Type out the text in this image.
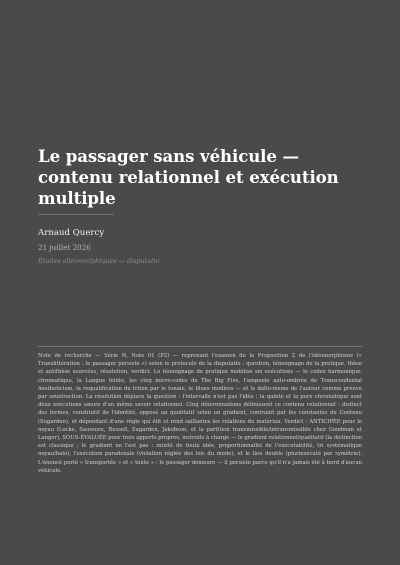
Le passager sans véhicule — contenu relationnel et exécution multiple
Arnaud Quercy
21 juillet 2026
Études alléomorphiques — disputatio

Note de recherche — Série N, Note 01 (P2) — reprenant l'examen de la Proposition 2 de l'idéomorphisme (« Translittération : le passager persiste ») selon le protocole de la disputatio : question, témoignage de la pratique, thèse et antithèse sourcées, résolution, verdict. Le témoignage de pratique mobilise six exécutions — le codex harmonique-chromatique, la Langue feinte, les cinq micro-codes de The Big Five, l'ampoule auto-ombrée de Transcendental Aestheticism, la requalification du triton par le tonale, le blues modless — et le dalto-nisme de l'auteur comme preuve par soustraction. La résolution déplace la question : l'intervalle n'est pas l'idée ; la quinte et la pure chromatique sont deux exécutions sœurs d'un même savoir relationnel. Cinq déterminations définissent ce contenu relationnel : distinct des termes, constitutif de l'identité, opposé au qualitatif selon un gradient, contraint par les constantes du Contenu (Sugarden), et dépendant d'une règle qui élit et rend saillantes les relations du matériau. Verdict : ANTICIPÉE pour le noyau (Locke, Saussure, Russell, Sugarden, Jakobson, et la partition transmissible/intransmissible chez Goodman et Langer), SOUS-ÉVALUÉE pour trois apports propres, instruits à charge — le gradient relationnel/qualitatif (la distinction est classique ; le gradient ne l'est pas : mixité de toute idée, proportionnalité de l'exécutabilité, tri systématique noyau/halo), l'exécution paradoxale (violation réglée des lois du mode), et le lieu double (pluriexécuté par symétrie). L'énoncé porté « transportée » et « toute » : le passager demeure — il persiste parce qu'il n'a jamais été à bord d'aucun véhicule.
